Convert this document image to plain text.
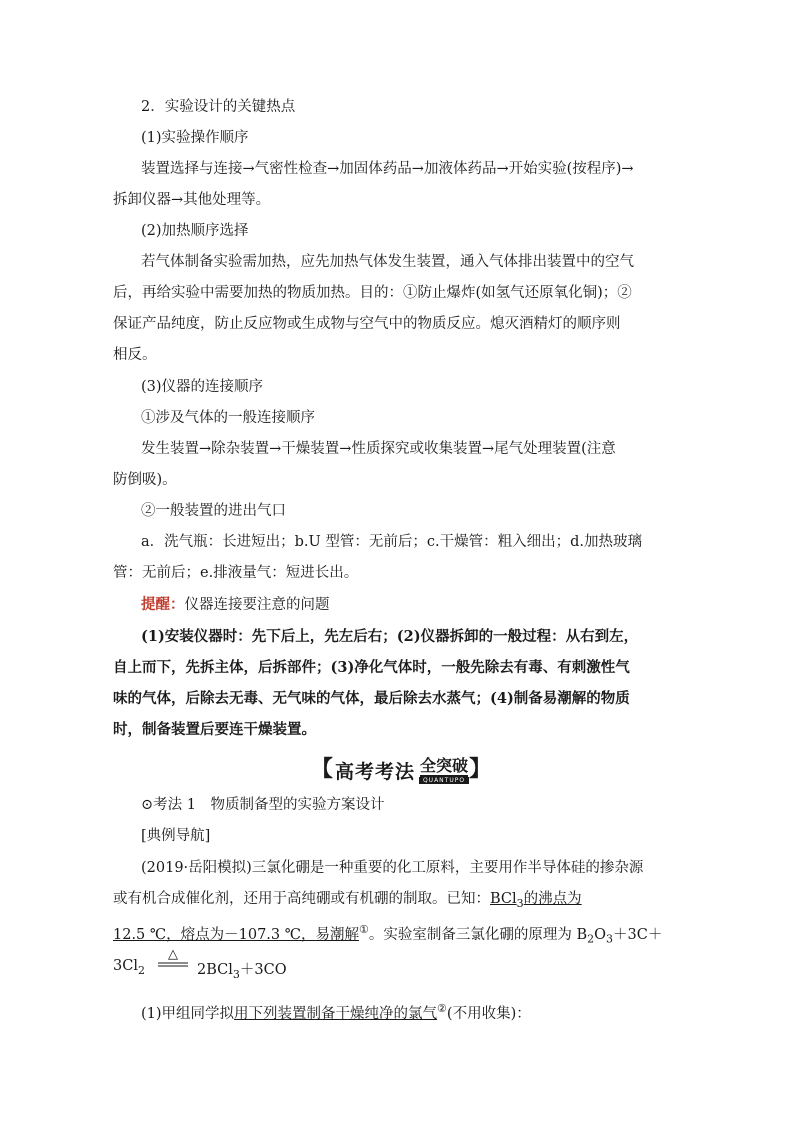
2．实验设计的关键热点
(1)实验操作顺序
装置选择与连接→气密性检查→加固体药品→加液体药品→开始实验(按程序)→
拆卸仪器→其他处理等。
(2)加热顺序选择
若气体制备实验需加热，应先加热气体发生装置，通入气体排出装置中的空气
后，再给实验中需要加热的物质加热。目的：①防止爆炸(如氢气还原氧化铜)；②
保证产品纯度，防止反应物或生成物与空气中的物质反应。熄灭酒精灯的顺序则
相反。
(3)仪器的连接顺序
①涉及气体的一般连接顺序
发生装置→除杂装置→干燥装置→性质探究或收集装置→尾气处理装置(注意
防倒吸)。
②一般装置的进出气口
a．洗气瓶：长进短出；b.U 型管：无前后；c.干燥管：粗入细出；d.加热玻璃
管：无前后；e.排液量气：短进长出。
提醒：仪器连接要注意的问题
(1)安装仪器时：先下后上，先左后右；(2)仪器拆卸的一般过程：从右到左，
自上而下，先拆主体，后拆部件；(3)净化气体时，一般先除去有毒、有刺激性气
味的气体，后除去无毒、无气味的气体，最后除去水蒸气；(4)制备易潮解的物质
时，制备装置后要连干燥装置。
【 高考考法 全突破
QUANTUPO 】
⊙考法 1　物质制备型的实验方案设计
[典例导航]
(2019·岳阳模拟)三氯化硼是一种重要的化工原料，主要用作半导体硅的掺杂源
或有机合成催化剂，还用于高纯硼或有机硼的制取。已知：BCl$_3$的沸点为
12.5 ℃，熔点为－107.3 ℃，易潮解①。实验室制备三氯化硼的原理为 $B_2O_3+3C+$
$3Cl_2$
△
2BCl$_3$＋3CO
(1)甲组同学拟用下列装置制备干燥纯净的氯气②(不用收集)：
